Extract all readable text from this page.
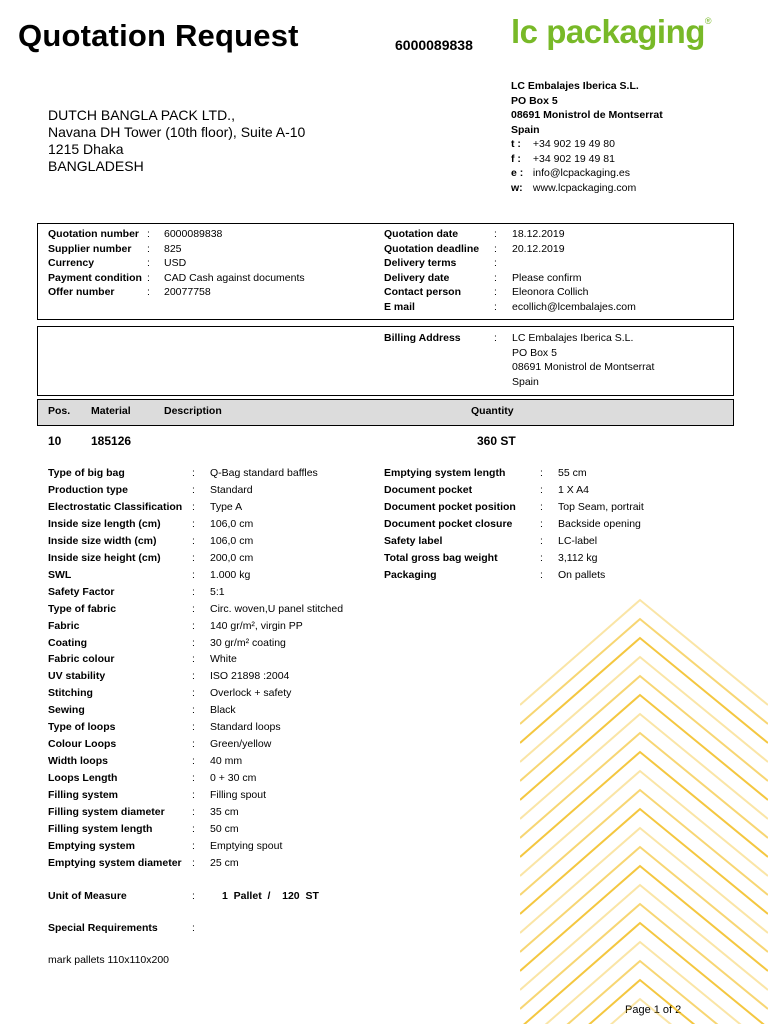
Quotation Request	6000089838 lc packaging®
LC Embalajes Iberica S.L.
PO Box 5
08691 Monistrol de Montserrat
Spain
t : +34 902 19 49 80
f : +34 902 19 49 81
e : info@lcpackaging.es
w: www.lcpackaging.com
DUTCH BANGLA PACK LTD.,
Navana DH Tower (10th floor), Suite A-10
1215 Dhaka
BANGLADESH
Quotation number : 6000089838
Supplier number : 825
Currency	: USD
Payment condition : CAD Cash against documents
Offer number	: 20077758
Quotation date	: 18.12.2019
Quotation deadline : 20.12.2019
Delivery terms	:
Delivery date	: Please confirm
Contact person	: Eleonora Collich
E mail	: ecollich@lcembalajes.com
Billing Address	: LC Embalajes Iberica S.L.
PO Box 5
08691 Monistrol de Montserrat
Spain
Pos. Material	Description	Quantity
10 185126	360 ST
Type of big bag	: Q-Bag standard baffles
Production type	: Standard
Electrostatic Classification : Type A
Inside size length (cm)	: 106,0 cm
Inside size width (cm)	: 106,0 cm
Inside size height (cm)	: 200,0 cm
SWL	: 1.000 kg
Safety Factor	: 5:1
Type of fabric	: Circ. woven,U panel stitched
Fabric	: 140 gr/m², virgin PP
Coating	: 30 gr/m² coating
Fabric colour	: White
UV stability	: ISO 21898 :2004
Stitching	: Overlock + safety
Sewing	: Black
Type of loops	: Standard loops
Colour Loops	: Green/yellow
Width loops	: 40 mm
Loops Length	: 0 + 30 cm
Filling system	: Filling spout
Filling system diameter	: 35 cm
Filling system length	: 50 cm
Emptying system	: Emptying spout
Emptying system diameter : 25 cm
Emptying system length	: 55 cm
Document pocket	: 1 X A4
Document pocket position : Top Seam, portrait
Document pocket closure	: Backside opening
Safety label	: LC-label
Total gross bag weight	: 3,112 kg
Packaging	: On pallets
Unit of Measure	:	1  Pallet  /    120  ST
Special Requirements	:
mark pallets 110x110x200
Page 1 of 2
